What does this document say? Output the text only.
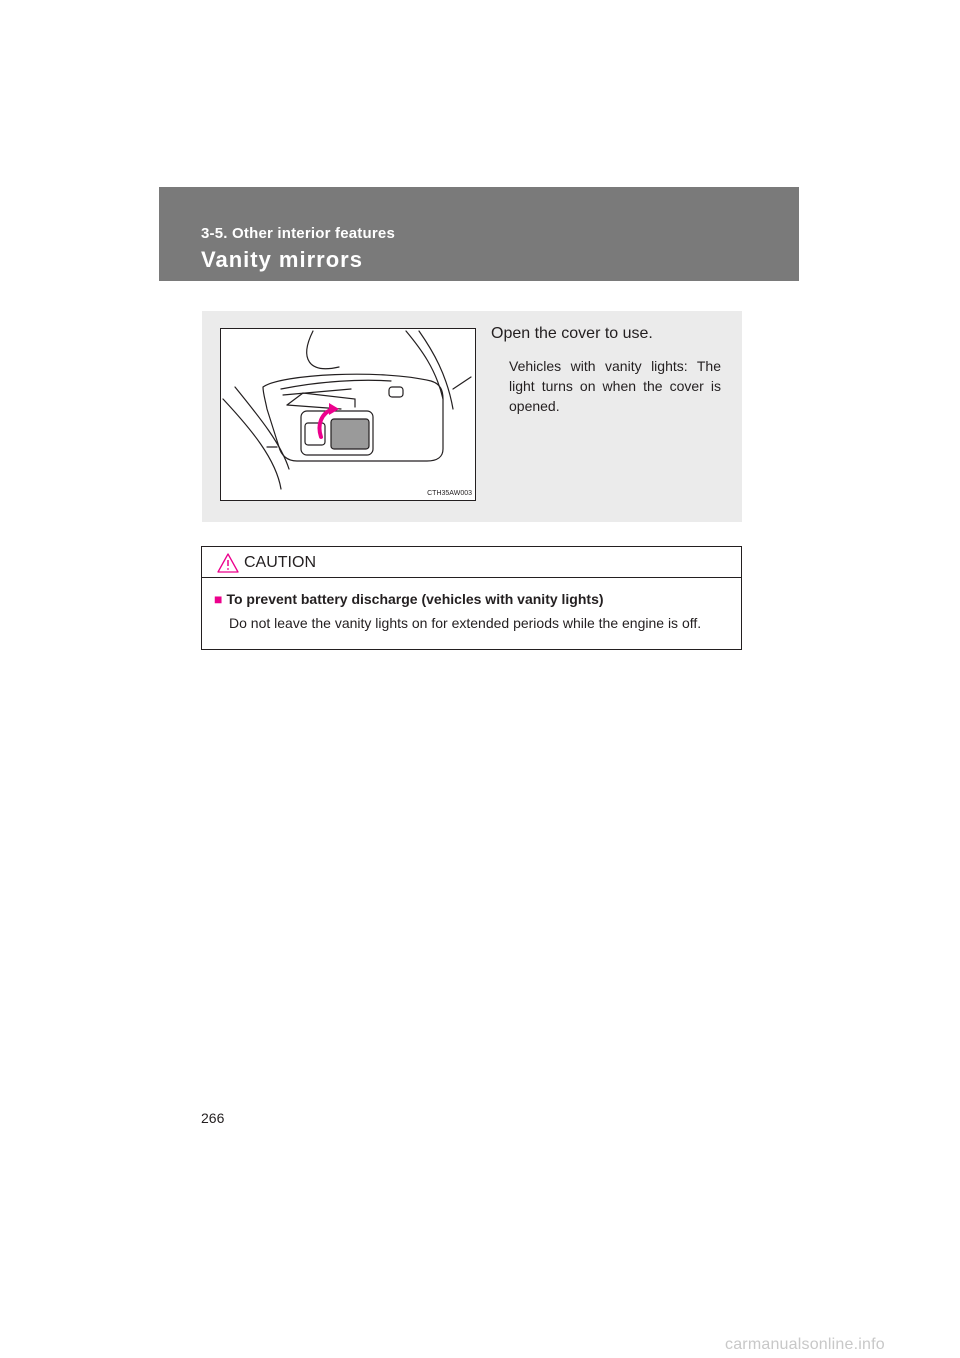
3-5. Other interior features
Vanity mirrors
CTH35AW003
Open the cover to use.
Vehicles with vanity lights: The light turns on when the cover is opened.
CAUTION
■ To prevent battery discharge (vehicles with vanity lights)
Do not leave the vanity lights on for extended periods while the engine is off.
266
carmanualsonline.info
